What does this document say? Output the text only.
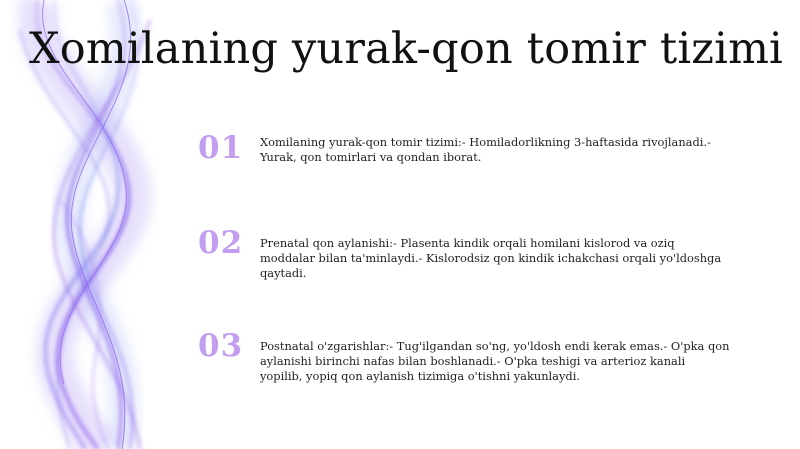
Xomilaning yurak-qon tomir tizimi
01 Xomilaning yurak-qon tomir tizimi:- Homiladorlikning 3-haftasida rivojlanadi.- Yurak, qon tomirlari va qondan iborat.
02 Prenatal qon aylanishi:- Plasenta kindik orqali homilani kislorod va oziq moddalar bilan ta'minlaydi.- Kislorodsiz qon kindik ichakchasi orqali yo'ldoshga qaytadi.
03 Postnatal o'zgarishlar:- Tug'ilgandan so'ng, yo'ldosh endi kerak emas.- O'pka qon aylanishi birinchi nafas bilan boshlanadi.- O'pka teshigi va arterioz kanali yopilib, yopiq qon aylanish tizimiga o'tishni yakunlaydi.
